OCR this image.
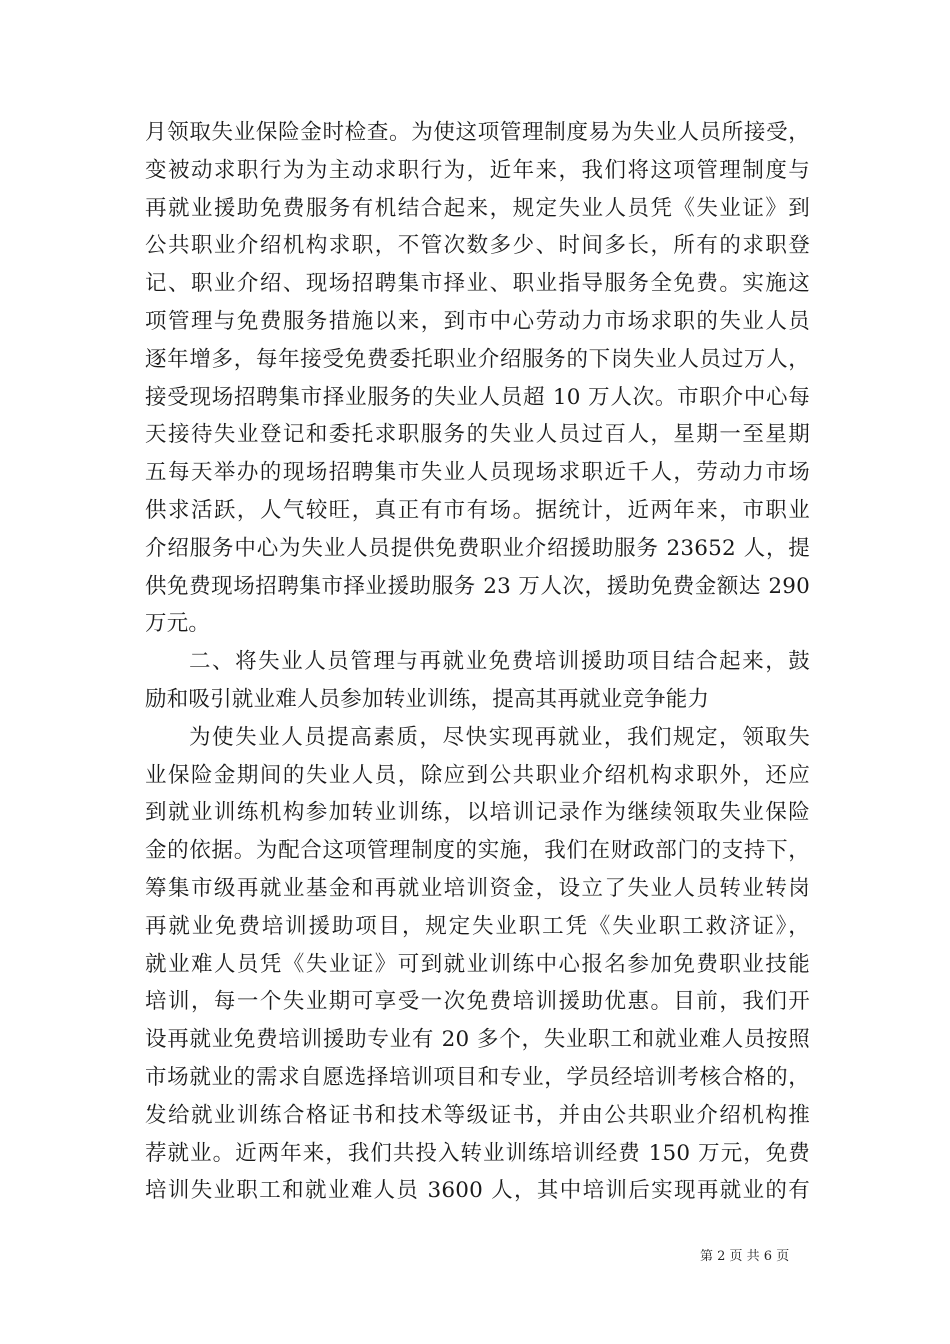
月领取失业保险金时检查。为使这项管理制度易为失业人员所接受，
变被动求职行为为主动求职行为，近年来，我们将这项管理制度与
再就业援助免费服务有机结合起来，规定失业人员凭《失业证》到
公共职业介绍机构求职，不管次数多少、时间多长，所有的求职登
记、职业介绍、现场招聘集市择业、职业指导服务全免费。实施这
项管理与免费服务措施以来，到市中心劳动力市场求职的失业人员
逐年增多，每年接受免费委托职业介绍服务的下岗失业人员过万人，
接受现场招聘集市择业服务的失业人员超 10 万人次。市职介中心每
天接待失业登记和委托求职服务的失业人员过百人，星期一至星期
五每天举办的现场招聘集市失业人员现场求职近千人，劳动力市场
供求活跃，人气较旺，真正有市有场。据统计，近两年来，市职业
介绍服务中心为失业人员提供免费职业介绍援助服务 23652 人，提
供免费现场招聘集市择业援助服务 23 万人次，援助免费金额达 290
万元。
二、将失业人员管理与再就业免费培训援助项目结合起来，鼓
励和吸引就业难人员参加转业训练，提高其再就业竞争能力
为使失业人员提高素质，尽快实现再就业，我们规定，领取失
业保险金期间的失业人员，除应到公共职业介绍机构求职外，还应
到就业训练机构参加转业训练，以培训记录作为继续领取失业保险
金的依据。为配合这项管理制度的实施，我们在财政部门的支持下，
筹集市级再就业基金和再就业培训资金，设立了失业人员转业转岗
再就业免费培训援助项目，规定失业职工凭《失业职工救济证》，
就业难人员凭《失业证》可到就业训练中心报名参加免费职业技能
培训，每一个失业期可享受一次免费培训援助优惠。目前，我们开
设再就业免费培训援助专业有 20 多个，失业职工和就业难人员按照
市场就业的需求自愿选择培训项目和专业，学员经培训考核合格的，
发给就业训练合格证书和技术等级证书，并由公共职业介绍机构推
荐就业。近两年来，我们共投入转业训练培训经费 150 万元，免费
培训失业职工和就业难人员 3600 人，其中培训后实现再就业的有
第 2 页 共 6 页
